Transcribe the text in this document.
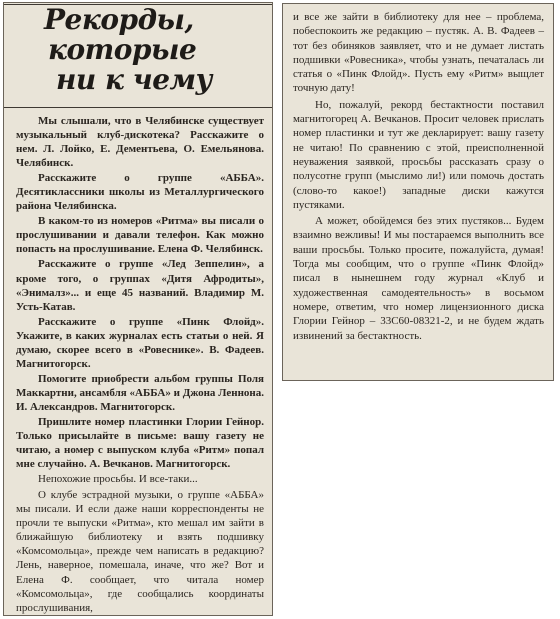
Рекорды,
которые
ни к чему

Мы слышали, что в Челябинске существует музыкальный клуб-дискотека? Расскажите о нем. Л. Лойко, Е. Дементьева, О. Емельянова. Челябинск.

Расскажите о группе «АББА». Десятиклассники школы из Металлургического района Челябинска.

В каком-то из номеров «Ритма» вы писали о прослушивании и давали телефон. Как можно попасть на прослушивание. Елена Ф. Челябинск.

Расскажите о группе «Лед Зеппелин», а кроме того, о группах «Дитя Афродиты», «Энималз»... и еще 45 названий. Владимир М. Усть-Катав.

Расскажите о группе «Пинк Флойд». Укажите, в каких журналах есть статьи о ней. Я думаю, скорее всего в «Ровеснике». В. Фадеев. Магнитогорск.

Помогите приобрести альбом группы Поля Маккартни, ансамбля «АББА» и Джона Леннона. И. Александров. Магнитогорск.

Пришлите номер пластинки Глории Гейнор. Только присылайте в письме: вашу газету не читаю, а номер с выпуском клуба «Ритм» попал мне случайно. А. Вечканов. Магнитогорск.

Непохожие просьбы. И все-таки...

О клубе эстрадной музыки, о группе «АББА» мы писали. И если даже наши корреспонденты не прочли те выпуски «Ритма», кто мешал им зайти в ближайшую библиотеку и взять подшивку «Комсомольца», прежде чем написать в редакцию? Лень, наверное, помешала, иначе, что же? Вот и Елена Ф. сообщает, что читала номер «Комсомольца», где сообщались координаты прослушивания,

и все же зайти в библиотеку для нее – проблема, побеспокоить же редакцию – пустяк. А. В. Фадеев – тот без обиняков заявляет, что и не думает листать подшивки «Ровесника», чтобы узнать, печаталась ли статья о «Пинк Флойд». Пусть ему «Ритм» выщлет точную дату!

Но, пожалуй, рекорд бестактности поставил магнитогорец А. Вечканов. Просит человек прислать номер пластинки и тут же декларирует: вашу газету не читаю! По сравнению с этой, преисполненной неуважения заявкой, просьбы рассказать сразу о полусотне групп (мыслимо ли!) или помочь достать (слово-то какое!) западные диски кажутся пустяками.

А может, обойдемся без этих пустяков... Будем взаимно вежливы! И мы постараемся выполнить все ваши просьбы. Только просите, пожалуйста, думая! Тогда мы сообщим, что о группе «Пинк Флойд» писал в нынешнем году журнал «Клуб и художественная самодеятельность» в восьмом номере, ответим, что номер лицензионного диска Глории Гейнор – 33С60-08321-2, и не будем ждать извинений за бестактность.
